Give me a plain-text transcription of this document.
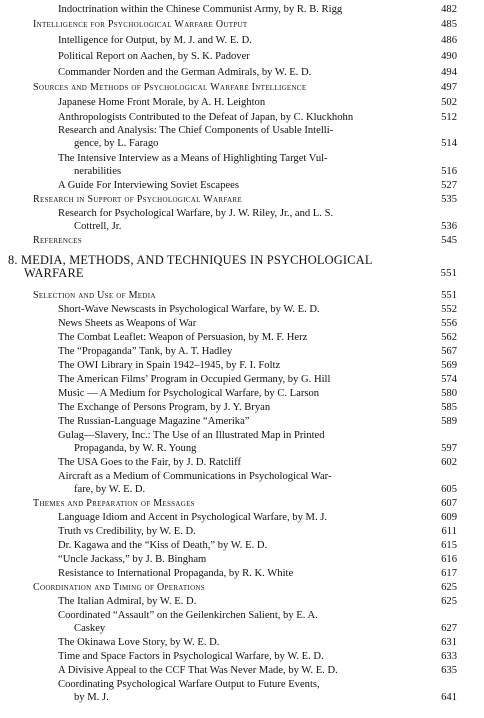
Indoctrination within the Chinese Communist Army, by R. B. Rigg	482
Intelligence for Psychological Warfare Output	485
Intelligence for Output, by M. J. and W. E. D.	486
Political Report on Aachen, by S. K. Padover	490
Commander Norden and the German Admirals, by W. E. D.	494
Sources and Methods of Psychological Warfare Intelligence	497
Japanese Home Front Morale, by A. H. Leighton	502
Anthropologists Contributed to the Defeat of Japan, by C. Kluckhohn	512
Research and Analysis: The Chief Components of Usable Intelli-
gence, by L. Farago	514
The Intensive Interview as a Means of Highlighting Target Vul-
nerabilities	516
A Guide For Interviewing Soviet Escapees	527
Research in Support of Psychological Warfare	535
Research for Psychological Warfare, by J. W. Riley, Jr., and L. S.
Cottrell, Jr.	536
References	545
8. MEDIA, METHODS, AND TECHNIQUES IN PSYCHOLOGICAL
WARFARE	551
Selection and Use of Media	551
Short-Wave Newscasts in Psychological Warfare, by W. E. D.	552
News Sheets as Weapons of War	556
The Combat Leaflet: Weapon of Persuasion, by M. F. Herz	562
The “Propaganda” Tank, by A. T. Hadley	567
The OWI Library in Spain 1942–1945, by F. I. Foltz	569
The American Films’ Program in Occupied Germany, by G. Hill	574
Music — A Medium for Psychological Warfare, by C. Larson	580
The Exchange of Persons Program, by J. Y. Bryan	585
The Russian-Language Magazine “Amerika”	589
Gulag—Slavery, Inc.: The Use of an Illustrated Map in Printed
Propaganda, by W. R. Young	597
The USA Goes to the Fair, by J. D. Ratcliff	602
Aircraft as a Medium of Communications in Psychological War-
fare, by W. E. D.	605
Themes and Preparation of Messages	607
Language Idiom and Accent in Psychological Warfare, by M. J.	609
Truth vs Credibility, by W. E. D.	611
Dr. Kagawa and the “Kiss of Death,” by W. E. D.	615
“Uncle Jackass,” by J. B. Bingham	616
Resistance to International Propaganda, by R. K. White	617
Coordination and Timing of Operations	625
The Italian Admiral, by W. E. D.	625
Coordinated “Assault” on the Geilenkirchen Salient, by E. A.
Caskey	627
The Okinawa Love Story, by W. E. D.	631
Time and Space Factors in Psychological Warfare, by W. E. D.	633
A Divisive Appeal to the CCF That Was Never Made, by W. E. D.	635
Coordinating Psychological Warfare Output to Future Events,
by M. J.	641
